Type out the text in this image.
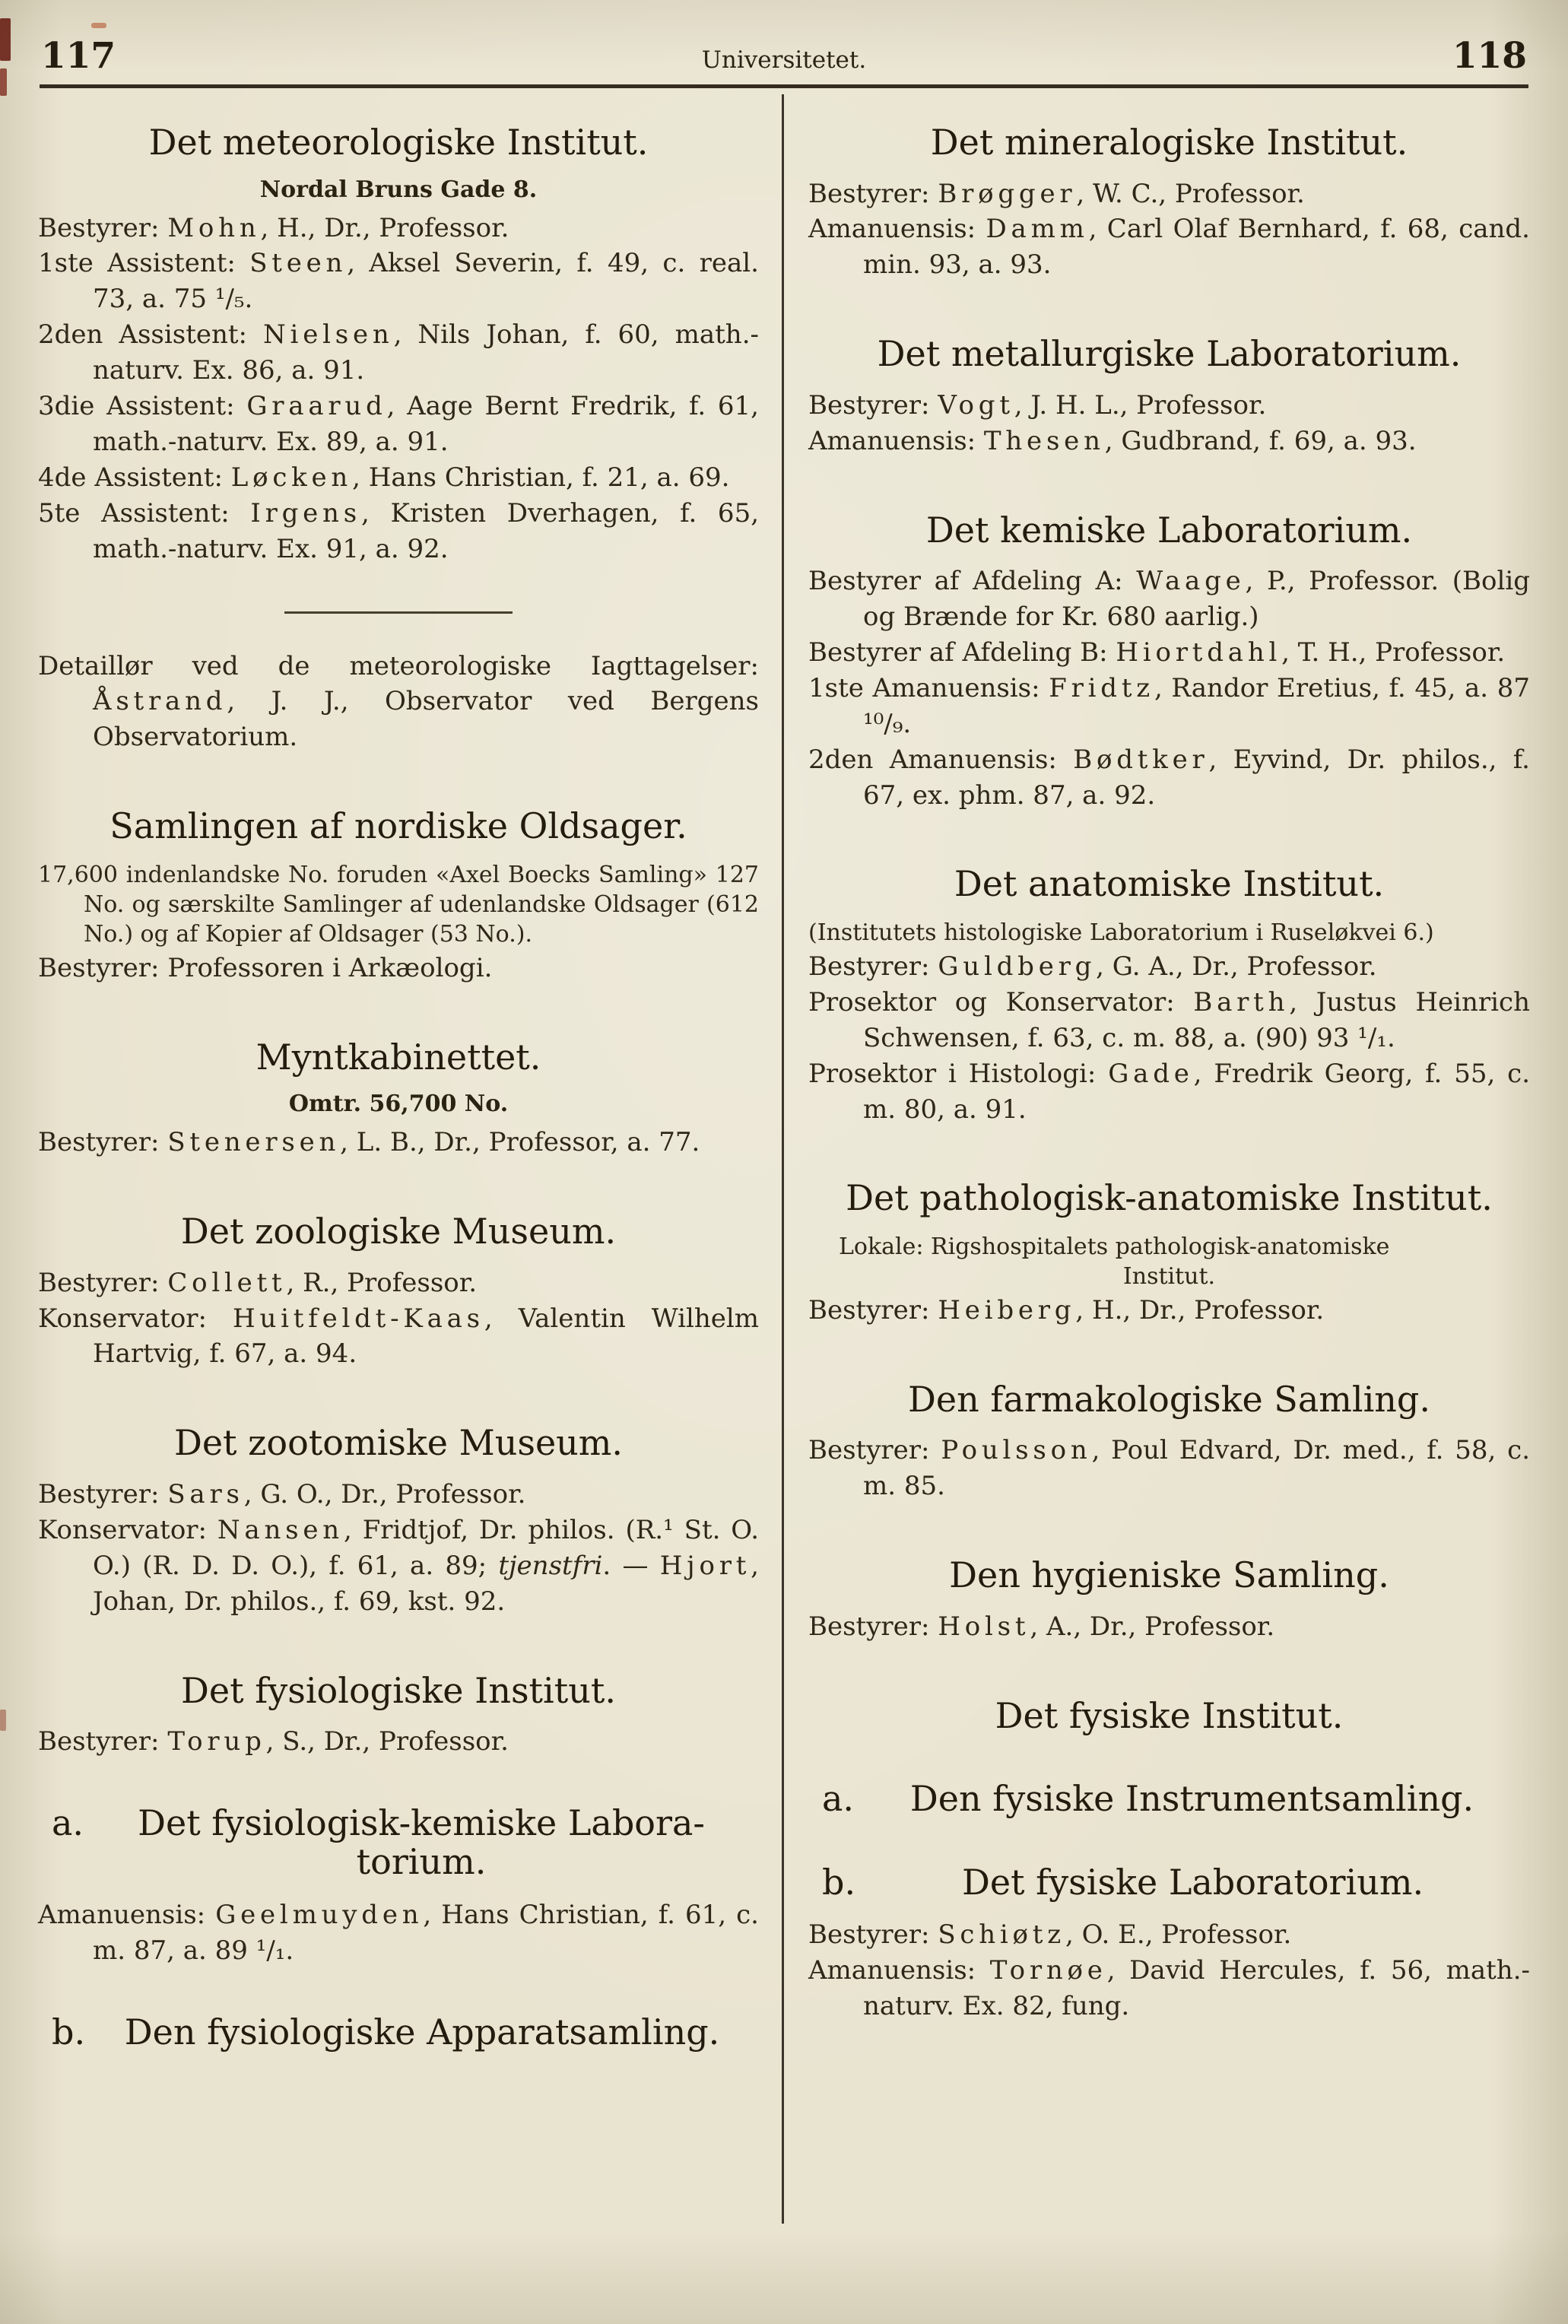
117	Universitetet.	118
Det meteorologiske Institut.
Nordal Bruns Gade 8.
Bestyrer: Mohn, H., Dr., Professor.
1ste Assistent: Steen, Aksel Severin, f. 49, c. real. 73, a. 75 ¹/₅.
2den Assistent: Nielsen, Nils Johan, f. 60, math.-naturv. Ex. 86, a. 91.
3die Assistent: Graarud, Aage Bernt Fredrik, f. 61, math.-naturv. Ex. 89, a. 91.
4de Assistent: Løcken, Hans Christian, f. 21, a. 69.
5te Assistent: Irgens, Kristen Dverhagen, f. 65, math.-naturv. Ex. 91, a. 92.
Detaillør ved de meteorologiske Iagttagelser: Åstrand, J. J., Observator ved Bergens Observatorium.
Samlingen af nordiske Oldsager.
17,600 indenlandske No. foruden «Axel Boecks Samling» 127 No. og særskilte Samlinger af udenlandske Oldsager (612 No.) og af Kopier af Oldsager (53 No.).
Bestyrer: Professoren i Arkæologi.
Myntkabinettet.
Omtr. 56,700 No.
Bestyrer: Stenersen, L. B., Dr., Professor, a. 77.
Det zoologiske Museum.
Bestyrer: Collett, R., Professor.
Konservator: Huitfeldt-Kaas, Valentin Wilhelm Hartvig, f. 67, a. 94.
Det zootomiske Museum.
Bestyrer: Sars, G. O., Dr., Professor.
Konservator: Nansen, Fridtjof, Dr. philos. (R.¹ St. O. O.) (R. D. D. O.), f. 61, a. 89; tjenstfri. — Hjort, Johan, Dr. philos., f. 69, kst. 92.
Det fysiologiske Institut.
Bestyrer: Torup, S., Dr., Professor.
a.	Det fysiologisk-kemiske Labora-
torium.
Amanuensis: Geelmuyden, Hans Christian, f. 61, c. m. 87, a. 89 ¹/₁.
b.	Den fysiologiske Apparatsamling.
Det mineralogiske Institut.
Bestyrer: Brøgger, W. C., Professor.
Amanuensis: Damm, Carl Olaf Bernhard, f. 68, cand. min. 93, a. 93.
Det metallurgiske Laboratorium.
Bestyrer: Vogt, J. H. L., Professor.
Amanuensis: Thesen, Gudbrand, f. 69, a. 93.
Det kemiske Laboratorium.
Bestyrer af Afdeling A: Waage, P., Professor. (Bolig og Brænde for Kr. 680 aarlig.)
Bestyrer af Afdeling B: Hiortdahl, T. H., Professor.
1ste Amanuensis: Fridtz, Randor Eretius, f. 45, a. 87 ¹⁰/₉.
2den Amanuensis: Bødtker, Eyvind, Dr. philos., f. 67, ex. phm. 87, a. 92.
Det anatomiske Institut.
(Institutets histologiske Laboratorium i Ruseløkvei 6.)
Bestyrer: Guldberg, G. A., Dr., Professor.
Prosektor og Konservator: Barth, Justus Heinrich Schwensen, f. 63, c. m. 88, a. (90) 93 ¹/₁.
Prosektor i Histologi: Gade, Fredrik Georg, f. 55, c. m. 80, a. 91.
Det pathologisk-anatomiske Institut.
Lokale: Rigshospitalets pathologisk-anatomiske
Institut.
Bestyrer: Heiberg, H., Dr., Professor.
Den farmakologiske Samling.
Bestyrer: Poulsson, Poul Edvard, Dr. med., f. 58, c. m. 85.
Den hygieniske Samling.
Bestyrer: Holst, A., Dr., Professor.
Det fysiske Institut.
a.	Den fysiske Instrumentsamling.
b.	Det fysiske Laboratorium.
Bestyrer: Schiøtz, O. E., Professor.
Amanuensis: Tornøe, David Hercules, f. 56, math.-naturv. Ex. 82, fung.
